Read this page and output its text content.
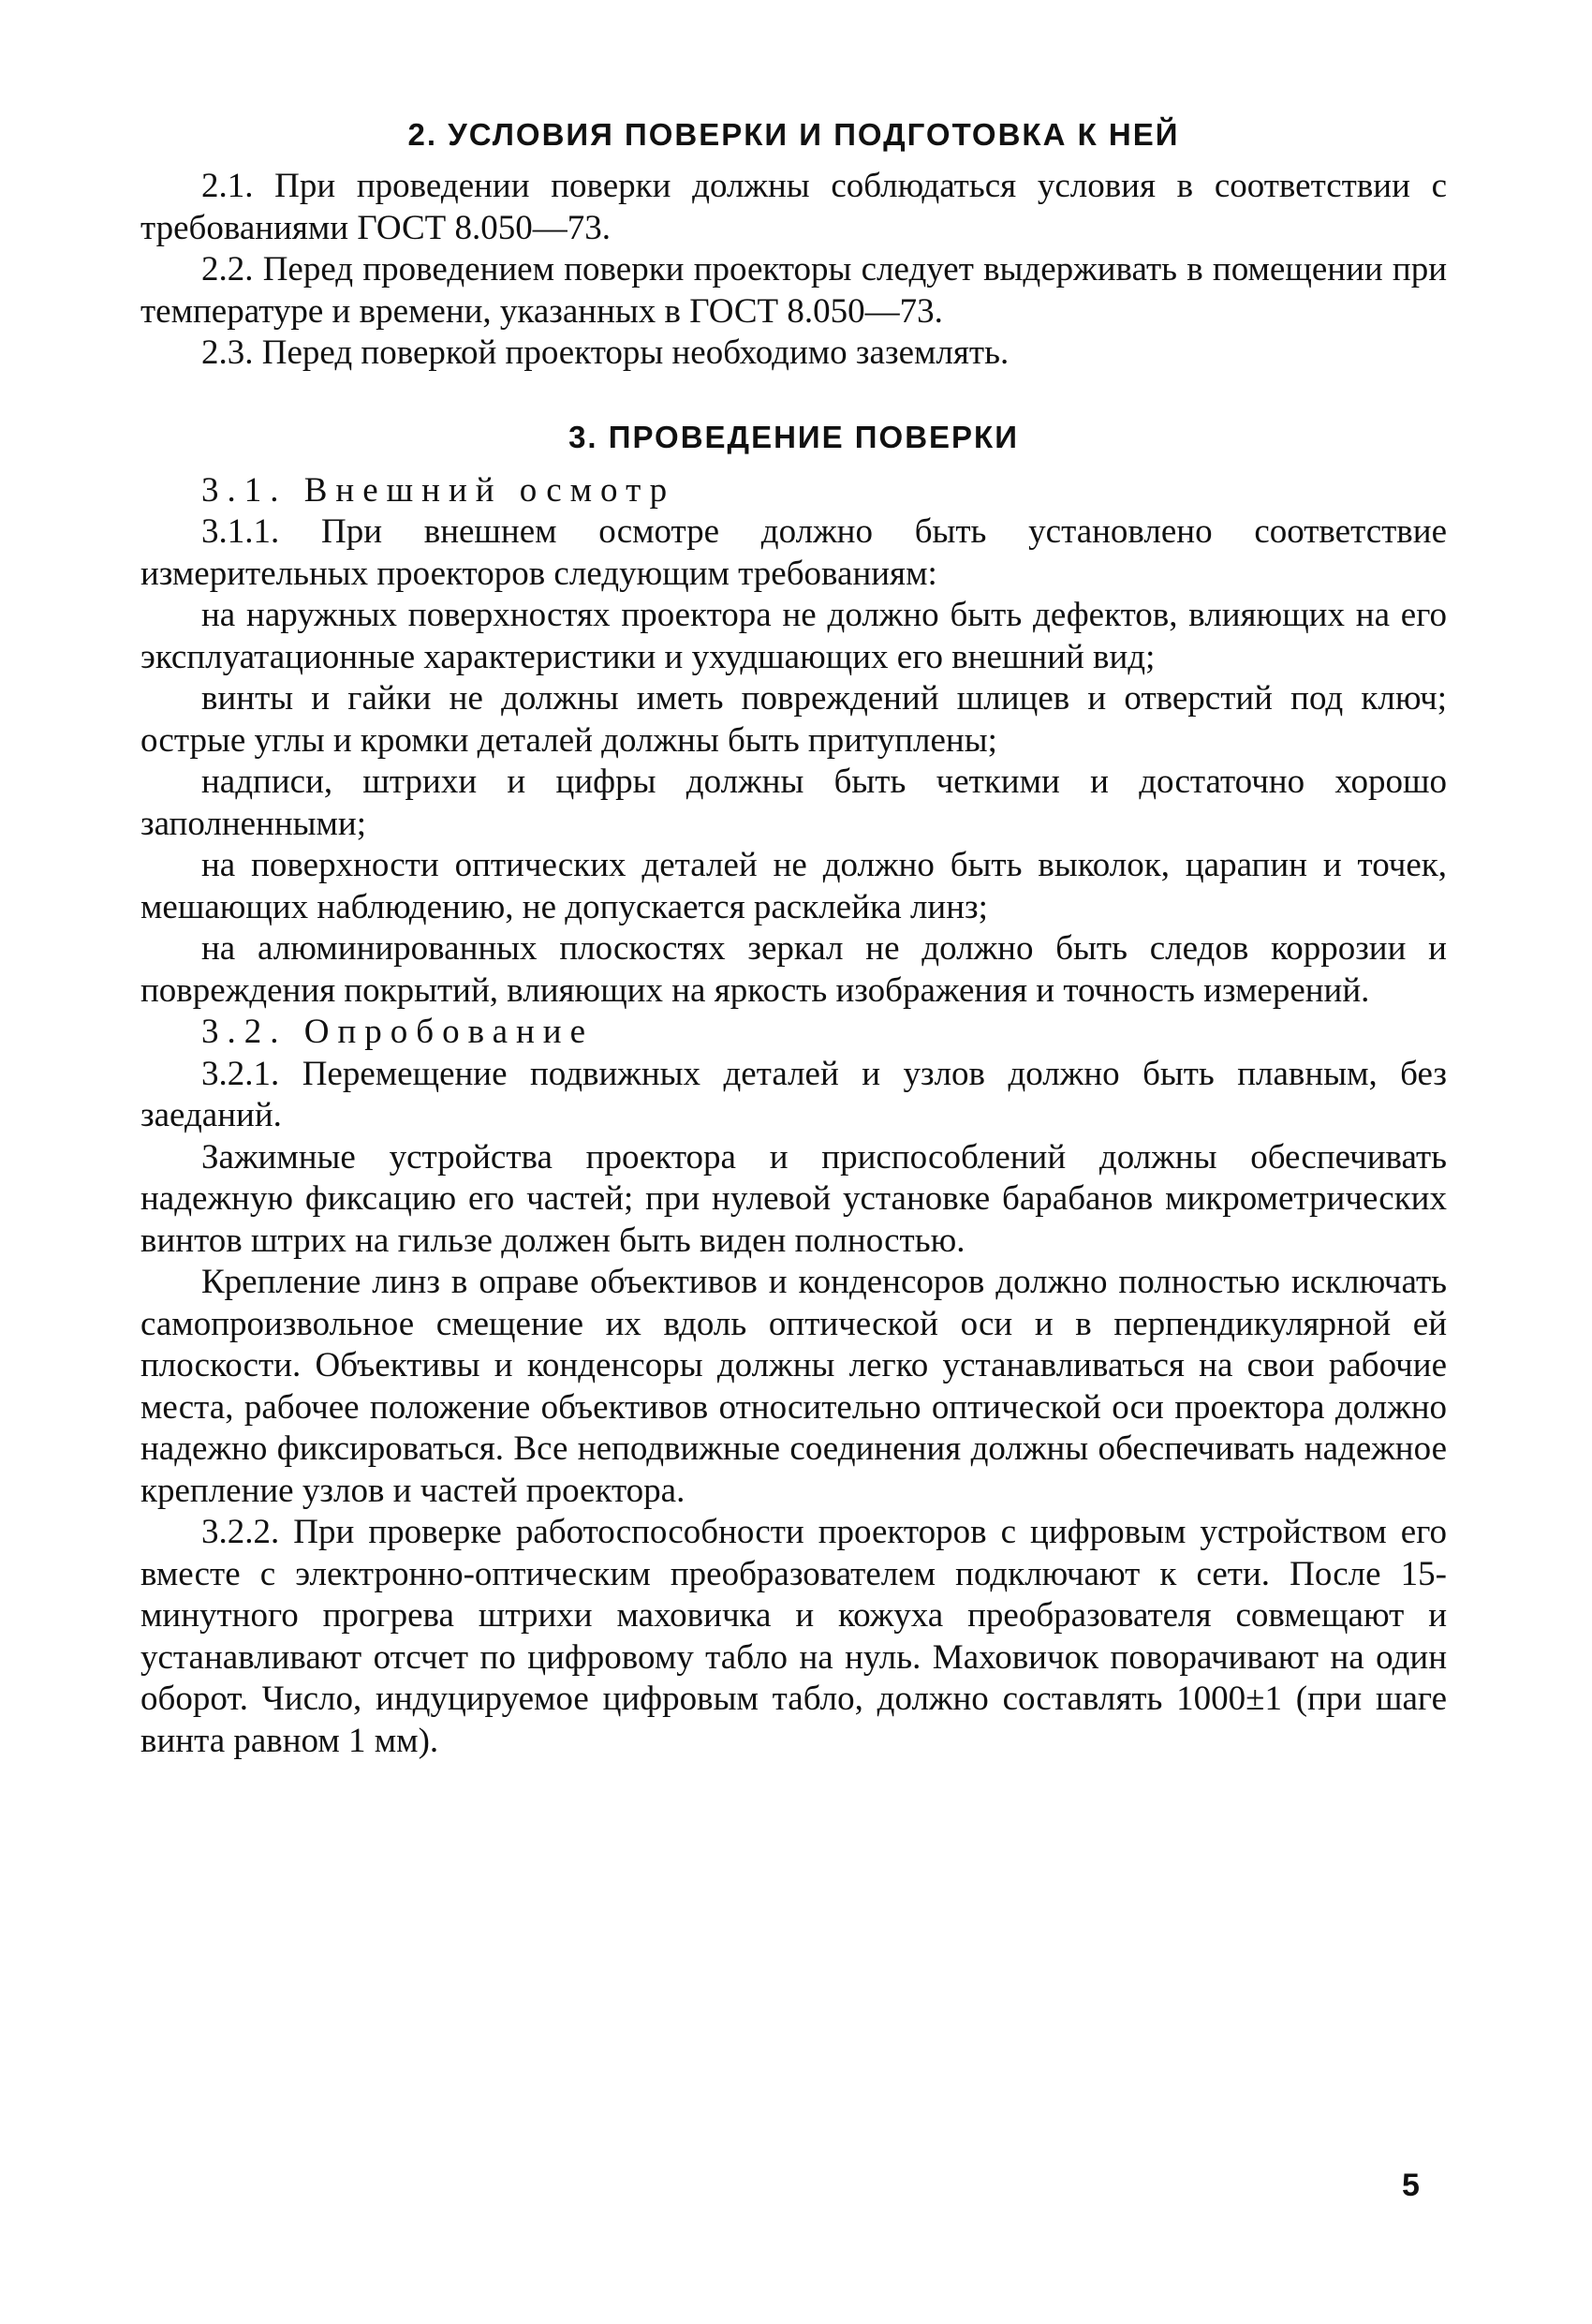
2. УСЛОВИЯ ПОВЕРКИ И ПОДГОТОВКА К НЕЙ

2.1. При проведении поверки должны соблюдаться условия в соответствии с требованиями ГОСТ 8.050—73.

2.2. Перед проведением поверки проекторы следует выдерживать в помещении при температуре и времени, указанных в ГОСТ 8.050—73.

2.3. Перед поверкой проекторы необходимо заземлять.

3. ПРОВЕДЕНИЕ ПОВЕРКИ

3.1. Внешний осмотр

3.1.1. При внешнем осмотре должно быть установлено соответствие измерительных проекторов следующим требованиям:

на наружных поверхностях проектора не должно быть дефектов, влияющих на его эксплуатационные характеристики и ухудшающих его внешний вид;

винты и гайки не должны иметь повреждений шлицев и отверстий под ключ; острые углы и кромки деталей должны быть притуплены;

надписи, штрихи и цифры должны быть четкими и достаточно хорошо заполненными;

на поверхности оптических деталей не должно быть выколок, царапин и точек, мешающих наблюдению, не допускается расклейка линз;

на алюминированных плоскостях зеркал не должно быть следов коррозии и повреждения покрытий, влияющих на яркость изображения и точность измерений.

3.2. Опробование

3.2.1. Перемещение подвижных деталей и узлов должно быть плавным, без заеданий.

Зажимные устройства проектора и приспособлений должны обеспечивать надежную фиксацию его частей; при нулевой установке барабанов микрометрических винтов штрих на гильзе должен быть виден полностью.

Крепление линз в оправе объективов и конденсоров должно полностью исключать самопроизвольное смещение их вдоль оптической оси и в перпендикулярной ей плоскости. Объективы и конденсоры должны легко устанавливаться на свои рабочие места, рабочее положение объективов относительно оптической оси проектора должно надежно фиксироваться. Все неподвижные соединения должны обеспечивать надежное крепление узлов и частей проектора.

3.2.2. При проверке работоспособности проекторов с цифровым устройством его вместе с электронно-оптическим преобразователем подключают к сети. После 15-минутного прогрева штрихи маховичка и кожуха преобразователя совмещают и устанавливают отсчет по цифровому табло на нуль. Маховичок поворачивают на один оборот. Число, индуцируемое цифровым табло, должно составлять 1000±1 (при шаге винта равном 1 мм).

5
